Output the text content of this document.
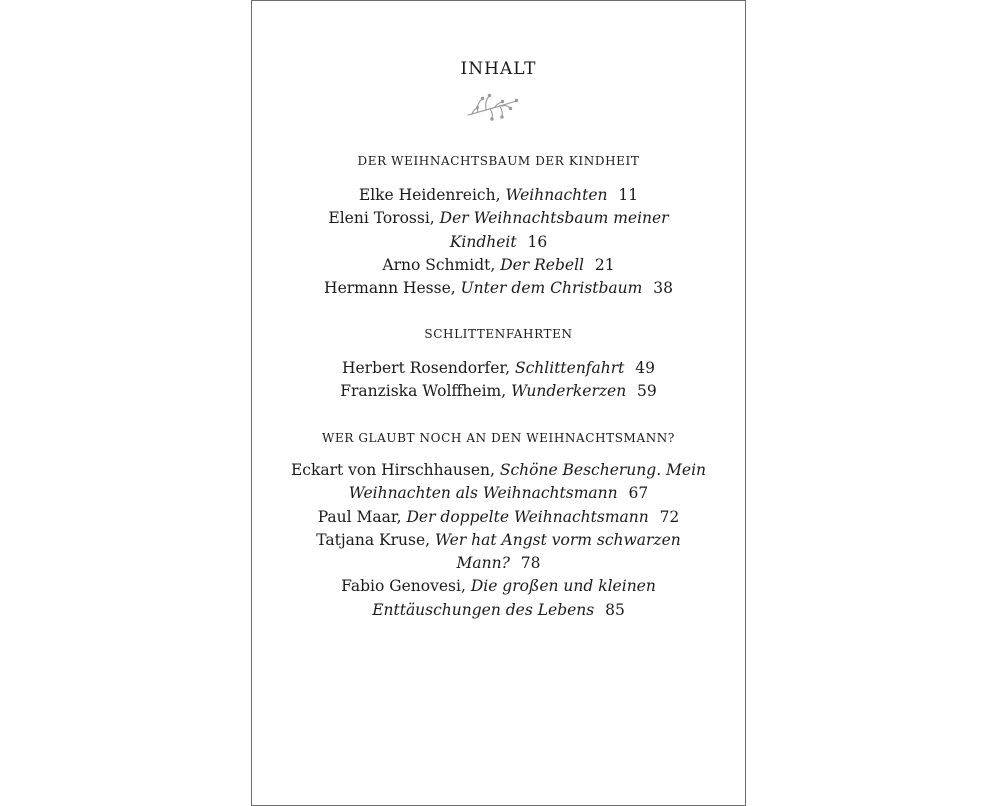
INHALT
DER WEIHNACHTSBAUM DER KINDHEIT
Elke Heidenreich, Weihnachten 11
Eleni Torossi, Der Weihnachtsbaum meiner
Kindheit 16
Arno Schmidt, Der Rebell 21
Hermann Hesse, Unter dem Christbaum 38
SCHLITTENFAHRTEN
Herbert Rosendorfer, Schlittenfahrt 49
Franziska Wolffheim, Wunderkerzen 59
WER GLAUBT NOCH AN DEN WEIHNACHTSMANN?
Eckart von Hirschhausen, Schöne Bescherung. Mein
Weihnachten als Weihnachtsmann 67
Paul Maar, Der doppelte Weihnachtsmann 72
Tatjana Kruse, Wer hat Angst vorm schwarzen
Mann? 78
Fabio Genovesi, Die großen und kleinen
Enttäuschungen des Lebens 85
